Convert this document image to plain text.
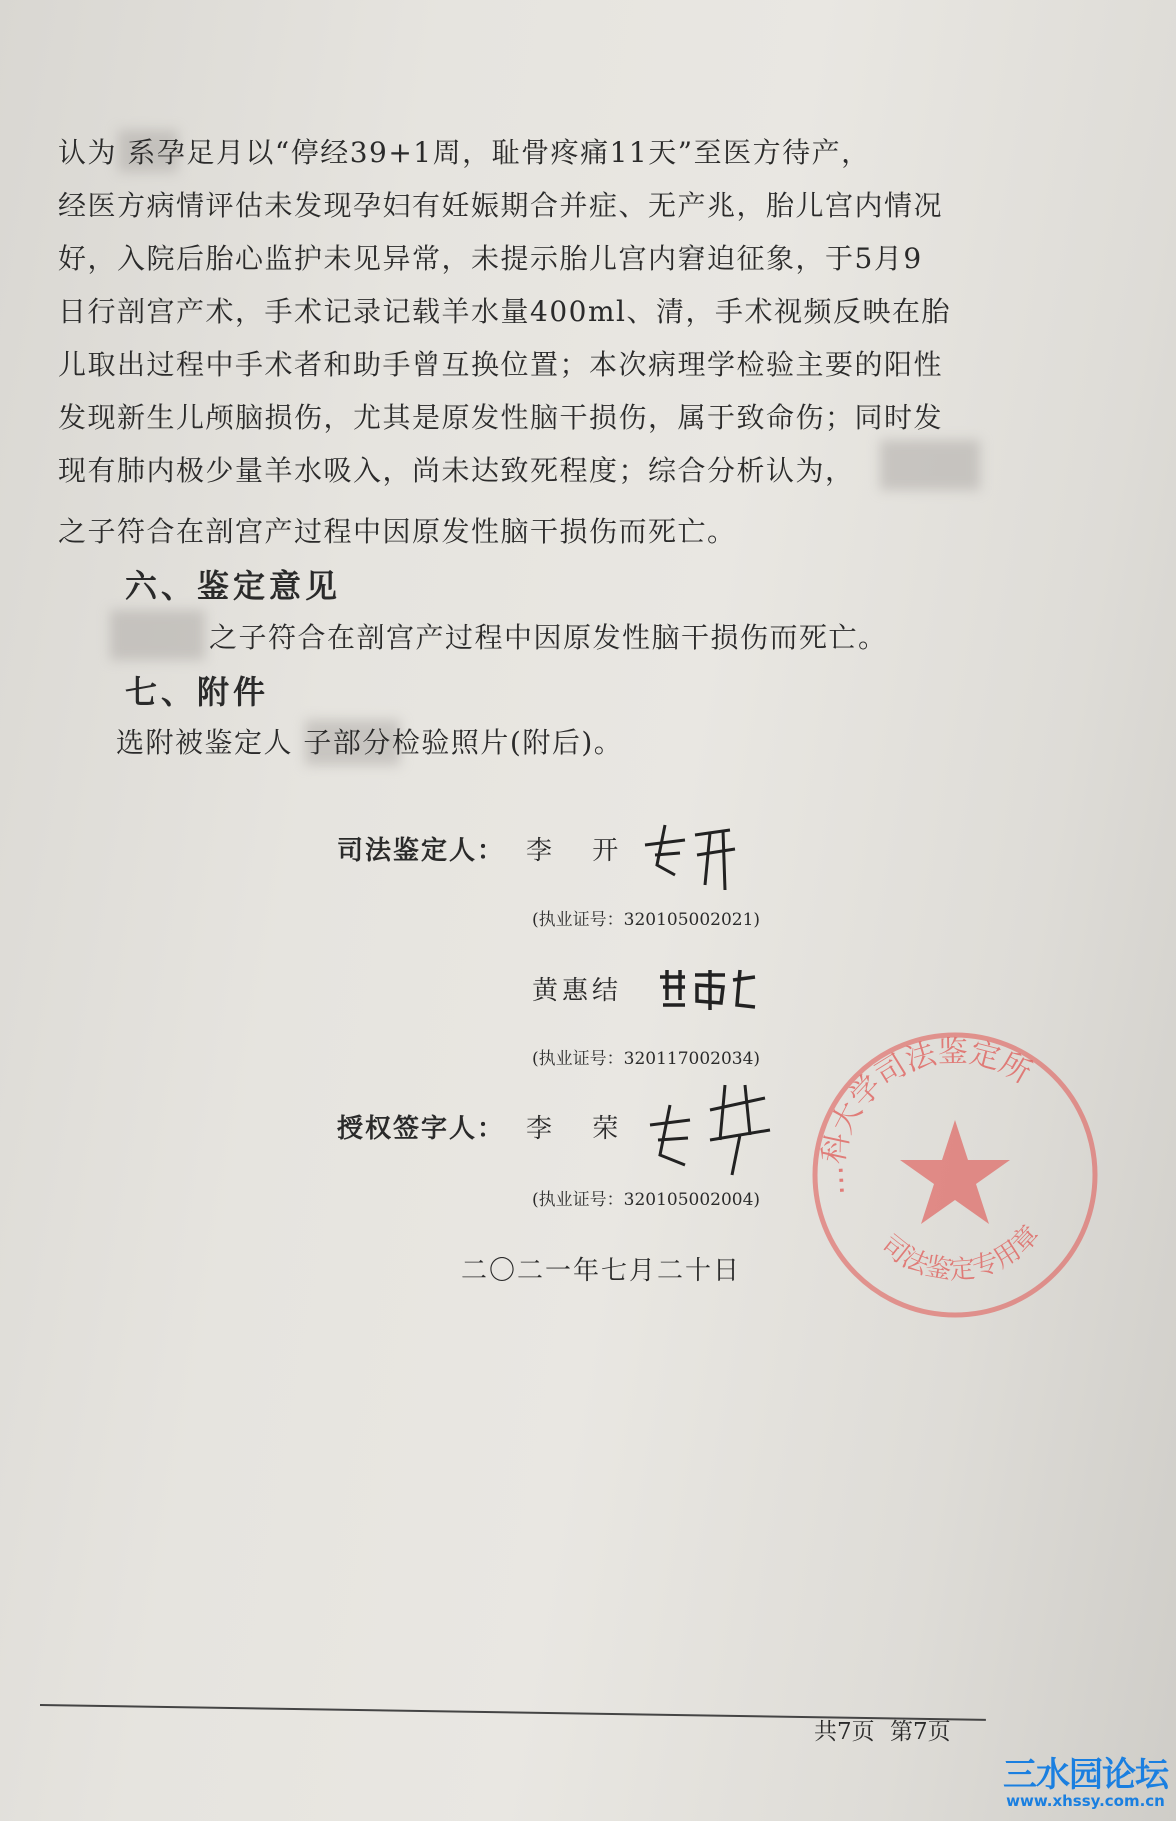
认为 系孕足月以“停经39+1周，耻骨疼痛11天”至医方待产，
经医方病情评估未发现孕妇有妊娠期合并症、无产兆，胎儿宫内情况
好，入院后胎心监护未见异常，未提示胎儿宫内窘迫征象，于5月9
日行剖宫产术，手术记录记载羊水量400ml、清，手术视频反映在胎
儿取出过程中手术者和助手曾互换位置；本次病理学检验主要的阳性
发现新生儿颅脑损伤，尤其是原发性脑干损伤，属于致命伤；同时发
现有肺内极少量羊水吸入，尚未达致死程度；综合分析认为，
之子符合在剖宫产过程中因原发性脑干损伤而死亡。
六、鉴定意见
之子符合在剖宫产过程中因原发性脑干损伤而死亡。
七、附件
选附被鉴定人 子部分检验照片(附后)。
…科大学司法鉴定所
司法鉴定专用章
司法鉴定人： 李 开
(执业证号：320105002021)
黄惠结
(执业证号：320117002034)
授权签字人： 李 荣
(执业证号：320105002004)
二〇二一年七月二十日
共7页 第7页
三水园论坛
www.xhssy.com.cn
